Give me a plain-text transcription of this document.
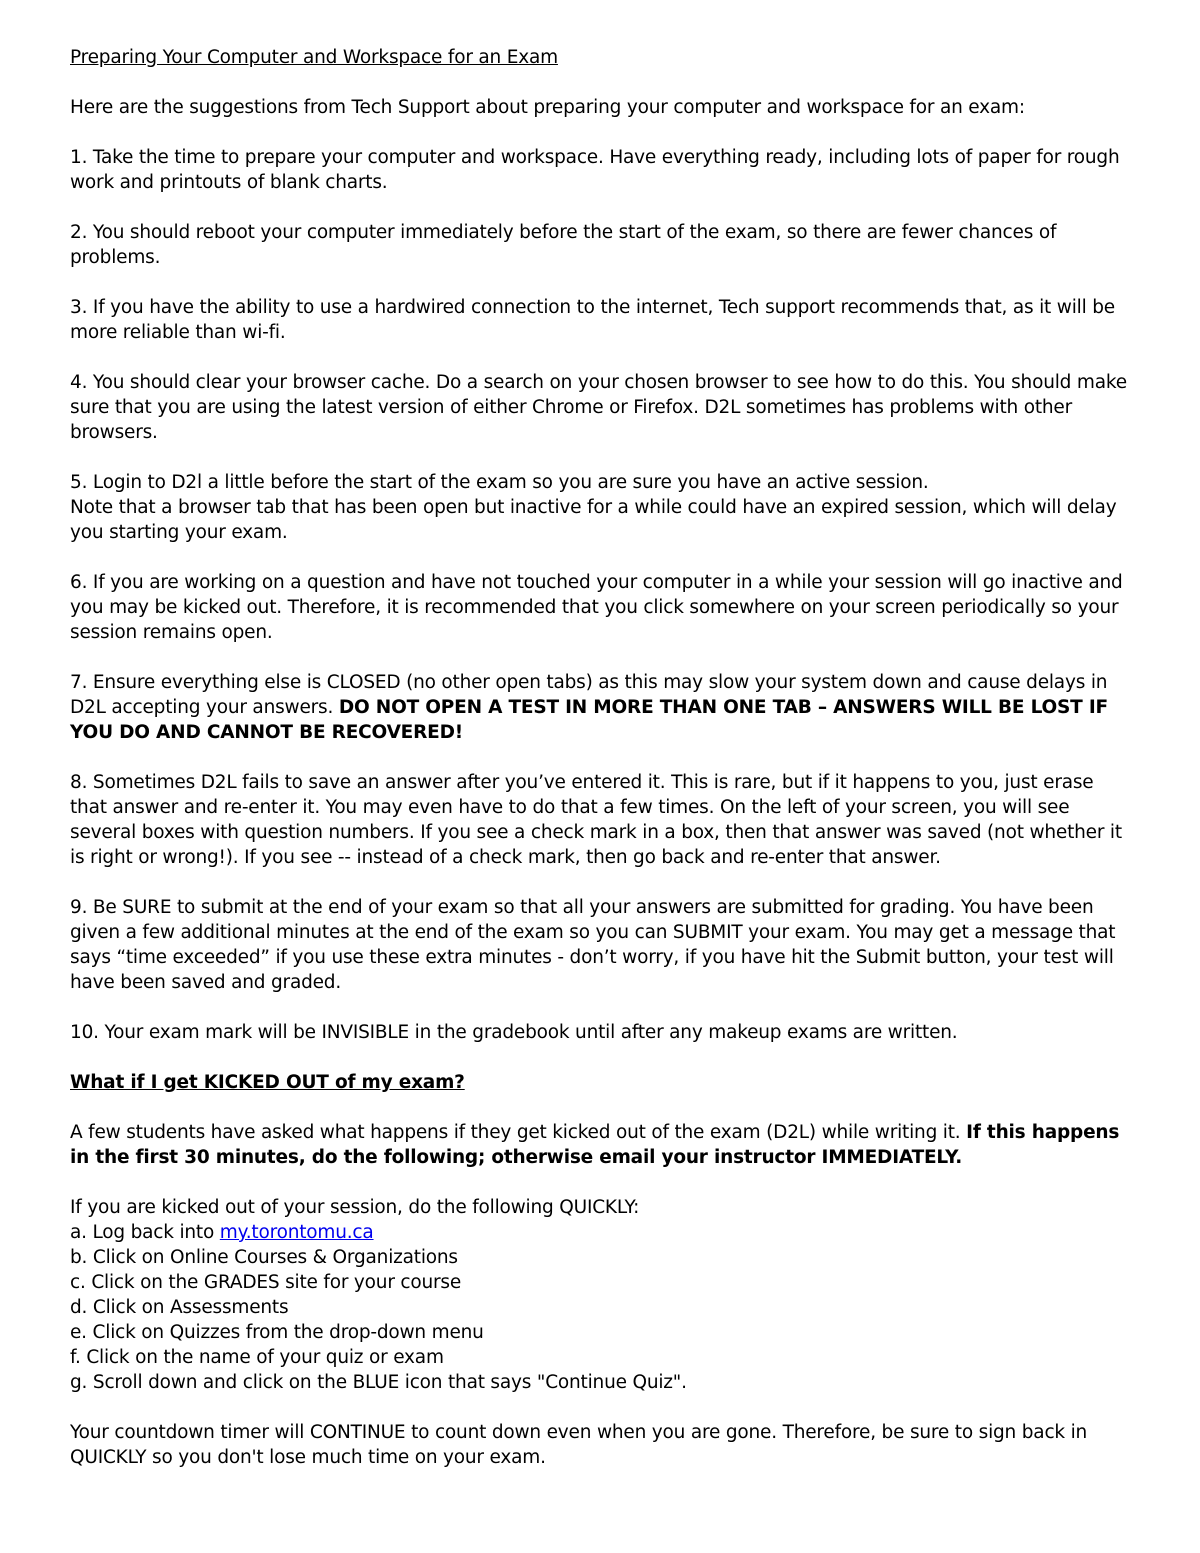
Preparing Your Computer and Workspace for an Exam

Here are the suggestions from Tech Support about preparing your computer and workspace for an exam:

1. Take the time to prepare your computer and workspace. Have everything ready, including lots of paper for rough work and printouts of blank charts.

2. You should reboot your computer immediately before the start of the exam, so there are fewer chances of problems.

3. If you have the ability to use a hardwired connection to the internet, Tech support recommends that, as it will be more reliable than wi-fi.

4. You should clear your browser cache. Do a search on your chosen browser to see how to do this. You should make sure that you are using the latest version of either Chrome or Firefox. D2L sometimes has problems with other browsers.

5. Login to D2l a little before the start of the exam so you are sure you have an active session.
Note that a browser tab that has been open but inactive for a while could have an expired session, which will delay you starting your exam.

6. If you are working on a question and have not touched your computer in a while your session will go inactive and you may be kicked out. Therefore, it is recommended that you click somewhere on your screen periodically so your session remains open.

7. Ensure everything else is CLOSED (no other open tabs) as this may slow your system down and cause delays in D2L accepting your answers. DO NOT OPEN A TEST IN MORE THAN ONE TAB – ANSWERS WILL BE LOST IF YOU DO AND CANNOT BE RECOVERED!

8. Sometimes D2L fails to save an answer after you’ve entered it. This is rare, but if it happens to you, just erase that answer and re-enter it. You may even have to do that a few times. On the left of your screen, you will see several boxes with question numbers. If you see a check mark in a box, then that answer was saved (not whether it is right or wrong!). If you see -- instead of a check mark, then go back and re-enter that answer.

9. Be SURE to submit at the end of your exam so that all your answers are submitted for grading. You have been given a few additional minutes at the end of the exam so you can SUBMIT your exam. You may get a message that says “time exceeded” if you use these extra minutes - don’t worry, if you have hit the Submit button, your test will have been saved and graded.

10. Your exam mark will be INVISIBLE in the gradebook until after any makeup exams are written.

What if I get KICKED OUT of my exam?

A few students have asked what happens if they get kicked out of the exam (D2L) while writing it. If this happens in the first 30 minutes, do the following; otherwise email your instructor IMMEDIATELY.

If you are kicked out of your session, do the following QUICKLY:
a. Log back into my.torontomu.ca
b. Click on Online Courses & Organizations
c. Click on the GRADES site for your course
d. Click on Assessments
e. Click on Quizzes from the drop-down menu
f. Click on the name of your quiz or exam
g. Scroll down and click on the BLUE icon that says "Continue Quiz".

Your countdown timer will CONTINUE to count down even when you are gone. Therefore, be sure to sign back in QUICKLY so you don't lose much time on your exam.
